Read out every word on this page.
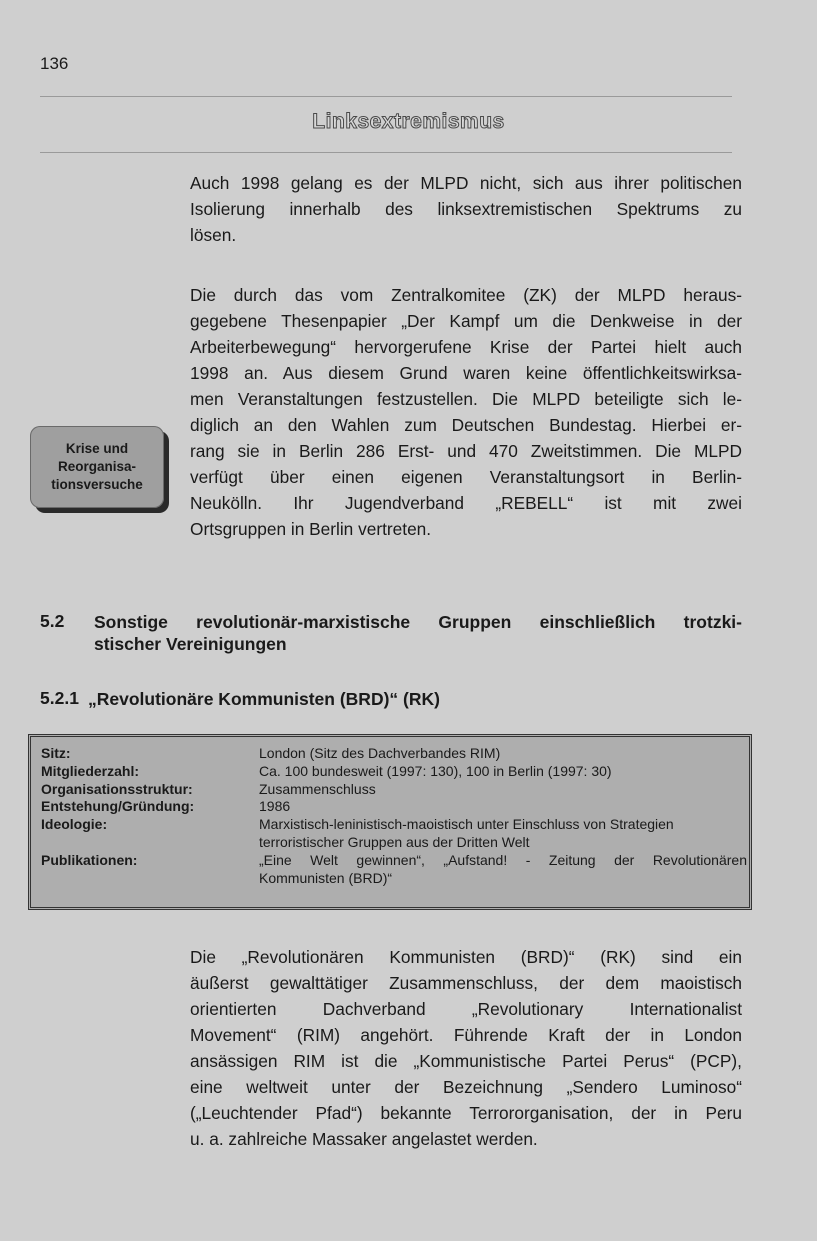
136
Linksextremismus
Auch 1998 gelang es der MLPD nicht, sich aus ihrer politischen
Isolierung innerhalb des linksextremistischen Spektrums zu
lösen.
Die durch das vom Zentralkomitee (ZK) der MLPD heraus-
gegebene Thesenpapier „Der Kampf um die Denkweise in der
Arbeiterbewegung“ hervorgerufene Krise der Partei hielt auch
1998 an. Aus diesem Grund waren keine öffentlichkeitswirksa-
men Veranstaltungen festzustellen. Die MLPD beteiligte sich le-
diglich an den Wahlen zum Deutschen Bundestag. Hierbei er-
rang sie in Berlin 286 Erst- und 470 Zweitstimmen. Die MLPD
verfügt über einen eigenen Veranstaltungsort in Berlin-
Neukölln. Ihr Jugendverband „REBELL“ ist mit zwei
Ortsgruppen in Berlin vertreten.
Krise und
Reorganisa-
tionsversuche
5.2 Sonstige revolutionär-marxistische Gruppen einschließlich trotzki-
stischer Vereinigungen
5.2.1 „Revolutionäre Kommunisten (BRD)“ (RK)
Sitz:	London (Sitz des Dachverbandes RIM)
Mitgliederzahl:	Ca. 100 bundesweit (1997: 130), 100 in Berlin (1997: 30)
Organisationsstruktur:	Zusammenschluss
Entstehung/Gründung:	1986
Ideologie:	Marxistisch-leninistisch-maoistisch unter Einschluss von Strategien
terroristischer Gruppen aus der Dritten Welt
Publikationen:	„Eine Welt gewinnen“, „Aufstand! - Zeitung der Revolutionären
Kommunisten (BRD)“
Die „Revolutionären Kommunisten (BRD)“ (RK) sind ein
äußerst gewalttätiger Zusammenschluss, der dem maoistisch
orientierten Dachverband „Revolutionary Internationalist
Movement“ (RIM) angehört. Führende Kraft der in London
ansässigen RIM ist die „Kommunistische Partei Perus“ (PCP),
eine weltweit unter der Bezeichnung „Sendero Luminoso“
(„Leuchtender Pfad“) bekannte Terrororganisation, der in Peru
u. a. zahlreiche Massaker angelastet werden.
